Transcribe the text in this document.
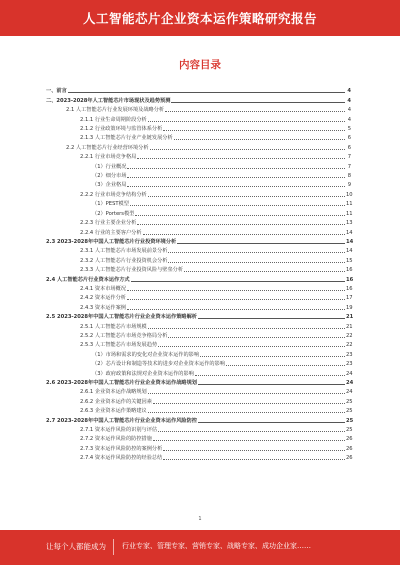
人工智能芯片企业资本运作策略研究报告
内容目录
一、前言	4
二、2023-2028年人工智能芯片市场现状及趋势预测	4
2.1 人工智能芯片行业发展环境及战略分析	4
2.1.1 行业生命周期阶段分析	4
2.1.2 行业政策环境与监管体系分析	5
2.1.3 人工智能芯片行业产业链发展分析	6
2.2 人工智能芯片行业经营环境分析	6
2.2.1 行业市场竞争格局	7
（1）行业概况	7
（2）细分市场	8
（3）企业格局	9
2.2.2 行业市场竞争结构分析	10
（1）PEST模型	11
（2）Porters模型	11
2.2.3 行业主要企业分析	13
2.2.4 行业的主要客户分析	14
2.3 2023-2028年中国人工智能芯片行业投资环境分析	14
2.3.1 人工智能芯片市场发展前景分析	14
2.3.2 人工智能芯片行业投资机会分析	15
2.3.3 人工智能芯片行业投资风险与壁垒分析	16
2.4 人工智能芯片行业资本运作方式	16
2.4.1 资本市场概况	16
2.4.2 资本运作分析	17
2.4.3 资本运作案例	19
2.5 2023-2028年中国人工智能芯片行业企业资本运作策略解析	21
2.5.1 人工智能芯片市场规模	21
2.5.2 人工智能芯片市场竞争格局分析	22
2.5.3 人工智能芯片市场发展趋势	22
（1）市场和需求的变化对企业资本运作的影响	23
（2）芯片设计和制造等技术的进步对企业资本运作的影响	23
（3）政府政策和法规对企业资本运作的影响	24
2.6 2023-2028年中国人工智能芯片行业企业资本运作战略规划	24
2.6.1 企业资本运作战略规划	24
2.6.2 企业资本运作的关键因素	25
2.6.3 企业资本运作策略建议	25
2.7 2023-2028年中国人工智能芯片行业企业资本运作风险防控	25
2.7.1 资本运作风险的识别与评估	25
2.7.2 资本运作风险的防控措施	26
2.7.3 资本运作风险防控的案例分析	26
2.7.4 资本运作风险防控的经验总结	26
1
让每个人都能成为 行业专家、管理专家、营销专家、战略专家、成功企业家……
